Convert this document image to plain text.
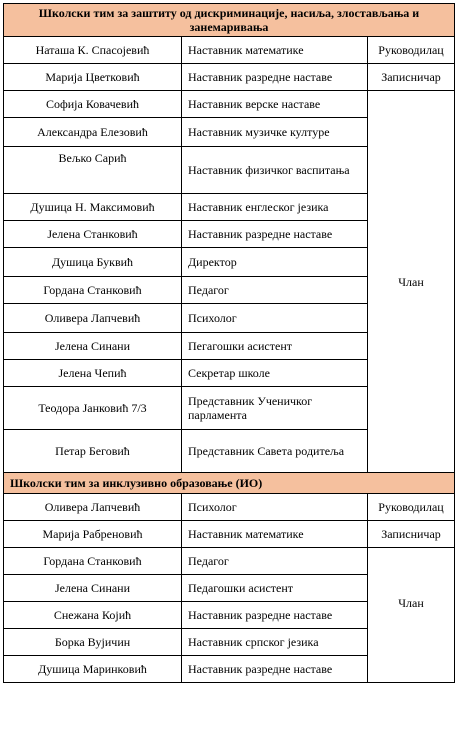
Школски тим за заштиту од дискриминације, насиља, злостављања и занемаривања		
Наташа К. Спасојевић	Наставник математике	Руководилац
Марија Цветковић	Наставник разредне наставе	Записничар
Софија Ковачевић	Наставник верске наставе	Члан
Александра Елезовић	Наставник музичке културе	
Вељко Сарић	Наставник физичког васпитања	
Душица Н. Максимовић	Наставник енглеског језика	
Јелена Станковић	Наставник разредне наставе	
Душица Буквић	Директор	
Гордана Станковић	Педагог	
Оливера Лапчевић	Психолог	
Јелена Синани	Пегагошки асистент	
Јелена Чепић	Секретар школе	
Теодора Јанковић 7/3	Представник Ученичког парламента	
Петар Беговић	Представник Савета родитеља	
Школски тим за инклузивно образовање (ИО)		
Оливера Лапчевић	Психолог	Руководилац
Марија Рабреновић	Наставник математике	Записничар
Гордана Станковић	Педагог	Члан
Јелена Синани	Педагошки асистент	
Снежана Којић	Наставник разредне наставе	
Борка Вујичин	Наставник српског језика	
Душица Маринковић	Наставник разредне наставе	
